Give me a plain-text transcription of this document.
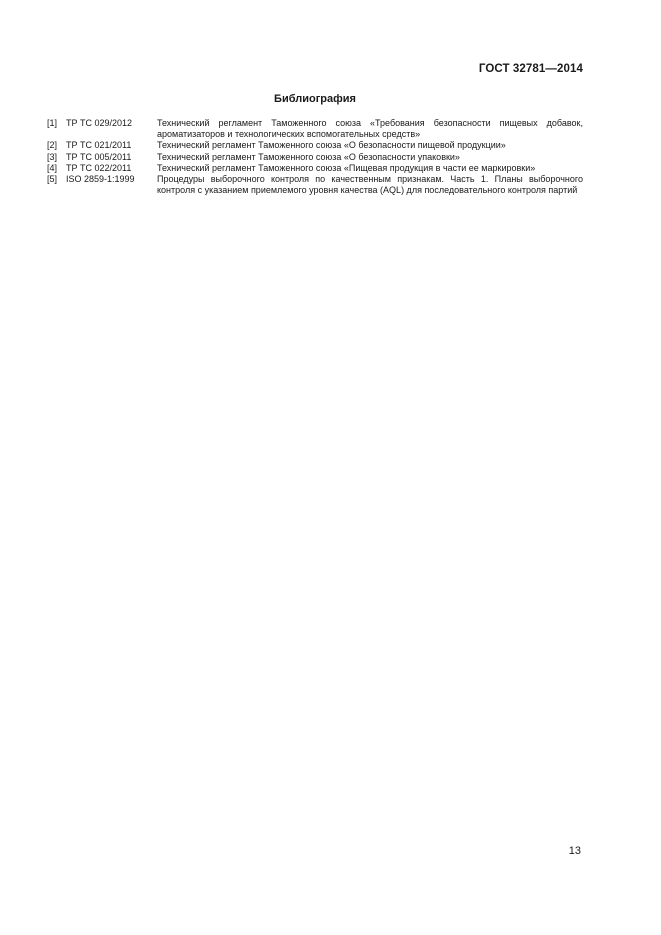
ГОСТ 32781—2014
Библиография
[1] ТР ТС 029/2012	Технический регламент Таможенного союза «Требования безопасности пищевых добавок, ароматизаторов и технологических вспомогательных средств»
[2] ТР ТС 021/2011	Технический регламент Таможенного союза «О безопасности пищевой продукции»
[3] ТР ТС 005/2011	Технический регламент Таможенного союза «О безопасности упаковки»
[4] ТР ТС 022/2011	Технический регламент Таможенного союза «Пищевая продукция в части ее маркировки»
[5] ISO 2859-1:1999 Процедуры выборочного контроля по качественным признакам. Часть 1. Планы выборочного контроля с указанием приемлемого уровня качества (AQL) для последовательного контроля партий
13
